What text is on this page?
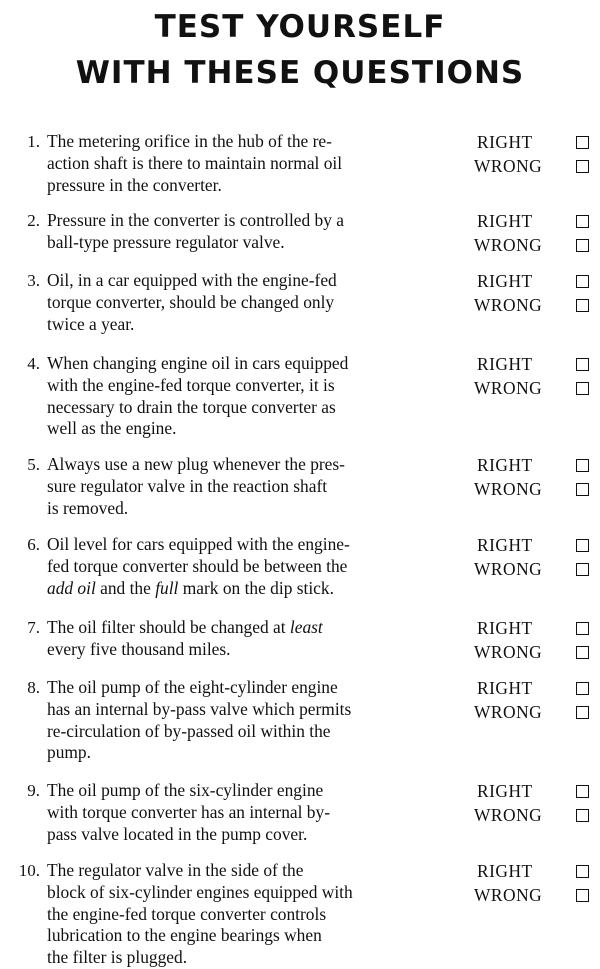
TEST YOURSELF
WITH THESE QUESTIONS
1. The metering orifice in the hub of the re-
action shaft is there to maintain normal oil
pressure in the converter.
RIGHT
WRONG
2. Pressure in the converter is controlled by a
ball-type pressure regulator valve.
RIGHT
WRONG
3. Oil, in a car equipped with the engine-fed
torque converter, should be changed only
twice a year.
RIGHT
WRONG
4. When changing engine oil in cars equipped
with the engine-fed torque converter, it is
necessary to drain the torque converter as
well as the engine.
RIGHT
WRONG
5. Always use a new plug whenever the pres-
sure regulator valve in the reaction shaft
is removed.
RIGHT
WRONG
6. Oil level for cars equipped with the engine-
fed torque converter should be between the
add oil and the full mark on the dip stick.
RIGHT
WRONG
7. The oil filter should be changed at least
every five thousand miles.
RIGHT
WRONG
8. The oil pump of the eight-cylinder engine
has an internal by-pass valve which permits
re-circulation of by-passed oil within the
pump.
RIGHT
WRONG
9. The oil pump of the six-cylinder engine
with torque converter has an internal by-
pass valve located in the pump cover.
RIGHT
WRONG
10. The regulator valve in the side of the
block of six-cylinder engines equipped with
the engine-fed torque converter controls
lubrication to the engine bearings when
the filter is plugged.
RIGHT
WRONG
